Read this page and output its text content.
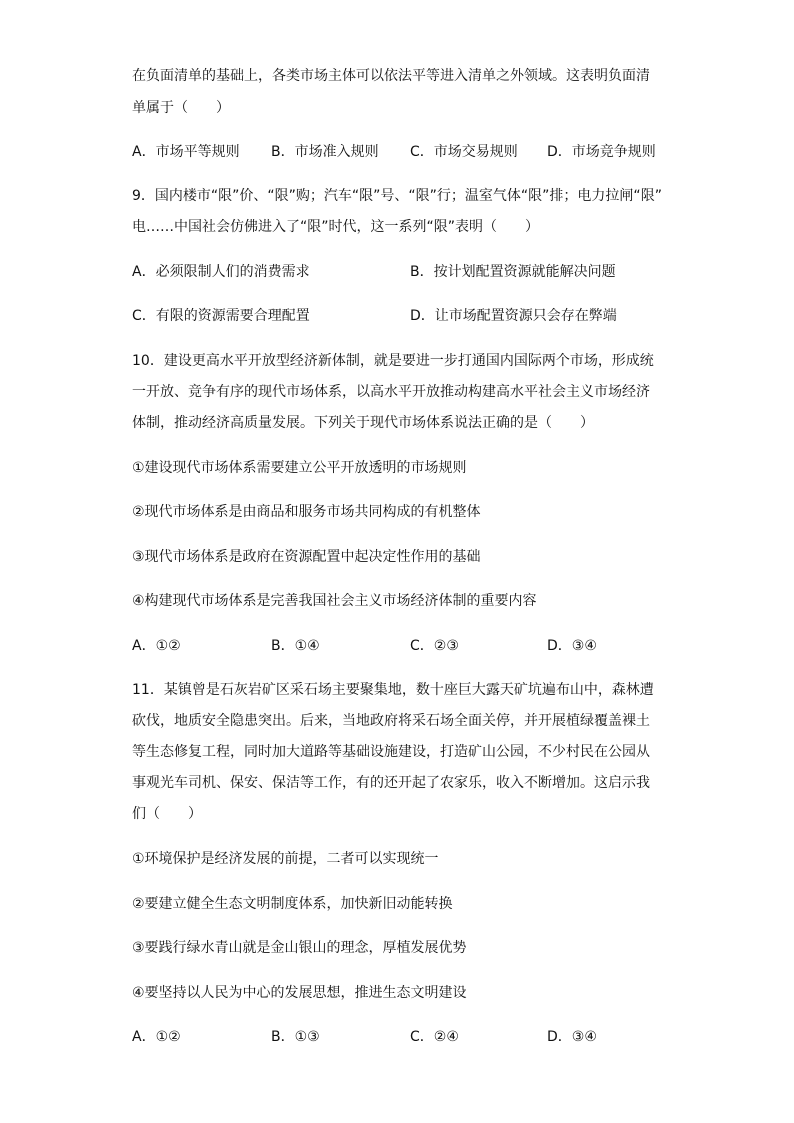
在负面清单的基础上，各类市场主体可以依法平等进入清单之外领域。这表明负面清
单属于（　　）
A．市场平等规则 B．市场准入规则 C．市场交易规则 D．市场竞争规则
9．国内楼市“限”价、“限”购；汽车“限”号、“限”行；温室气体“限”排；电力拉闸“限”
电……中国社会仿佛进入了“限”时代，这一系列“限”表明（　　）
A．必须限制人们的消费需求	B．按计划配置资源就能解决问题
C．有限的资源需要合理配置	D．让市场配置资源只会存在弊端
10．建设更高水平开放型经济新体制，就是要进一步打通国内国际两个市场，形成统
一开放、竞争有序的现代市场体系，以高水平开放推动构建高水平社会主义市场经济
体制，推动经济高质量发展。下列关于现代市场体系说法正确的是（　　）
①建设现代市场体系需要建立公平开放透明的市场规则
②现代市场体系是由商品和服务市场共同构成的有机整体
③现代市场体系是政府在资源配置中起决定性作用的基础
④构建现代市场体系是完善我国社会主义市场经济体制的重要内容
A．①②	B．①④	C．②③	D．③④
11．某镇曾是石灰岩矿区采石场主要聚集地，数十座巨大露天矿坑遍布山中，森林遭
砍伐，地质安全隐患突出。后来，当地政府将采石场全面关停，并开展植绿覆盖裸土
等生态修复工程，同时加大道路等基础设施建设，打造矿山公园，不少村民在公园从
事观光车司机、保安、保洁等工作，有的还开起了农家乐，收入不断增加。这启示我
们（　　）
①环境保护是经济发展的前提，二者可以实现统一
②要建立健全生态文明制度体系，加快新旧动能转换
③要践行绿水青山就是金山银山的理念，厚植发展优势
④要坚持以人民为中心的发展思想，推进生态文明建设
A．①②	B．①③	C．②④	D．③④
